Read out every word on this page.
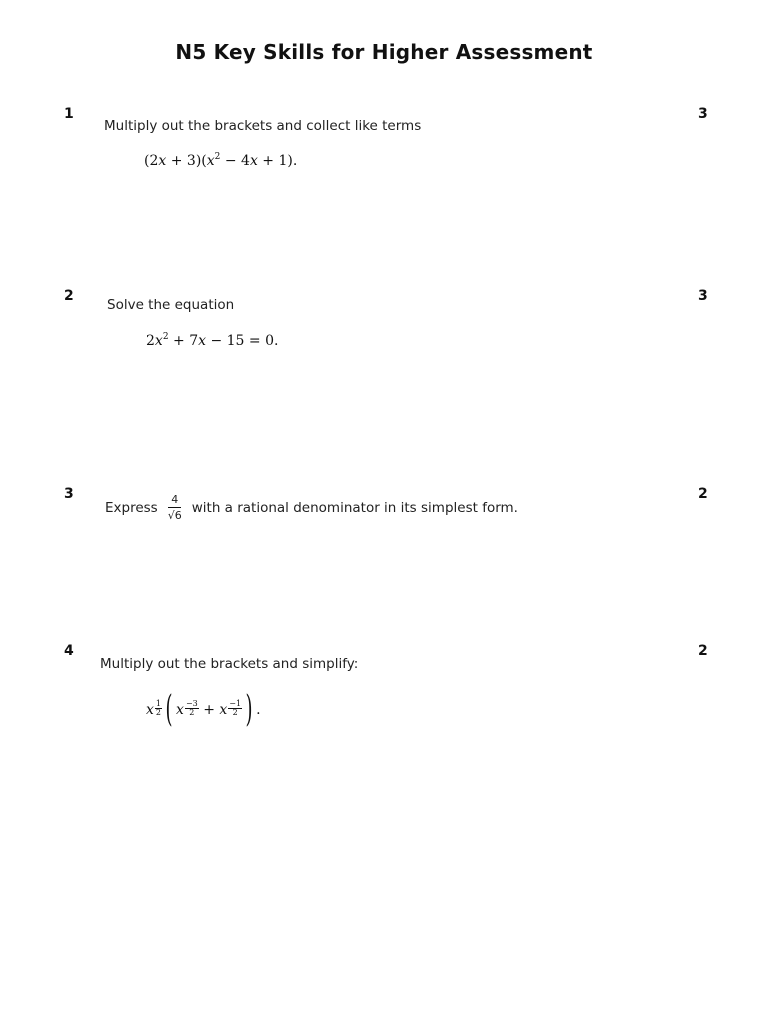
N5 Key Skills for Higher Assessment
1	3
Multiply out the brackets and collect like terms
$(2x + 3)(x^2 - 4x + 1)$.
2	3
Solve the equation
$2x^2 + 7x - 15 = 0$.
3	2
Express $\frac{4}{√6}$ with a rational denominator in its simplest form.
4	2
Multiply out the brackets and simplify:
x $\frac{1}{2}$ ( x $\frac{-3}{2} + x \frac{-1}{2}$ ) .
